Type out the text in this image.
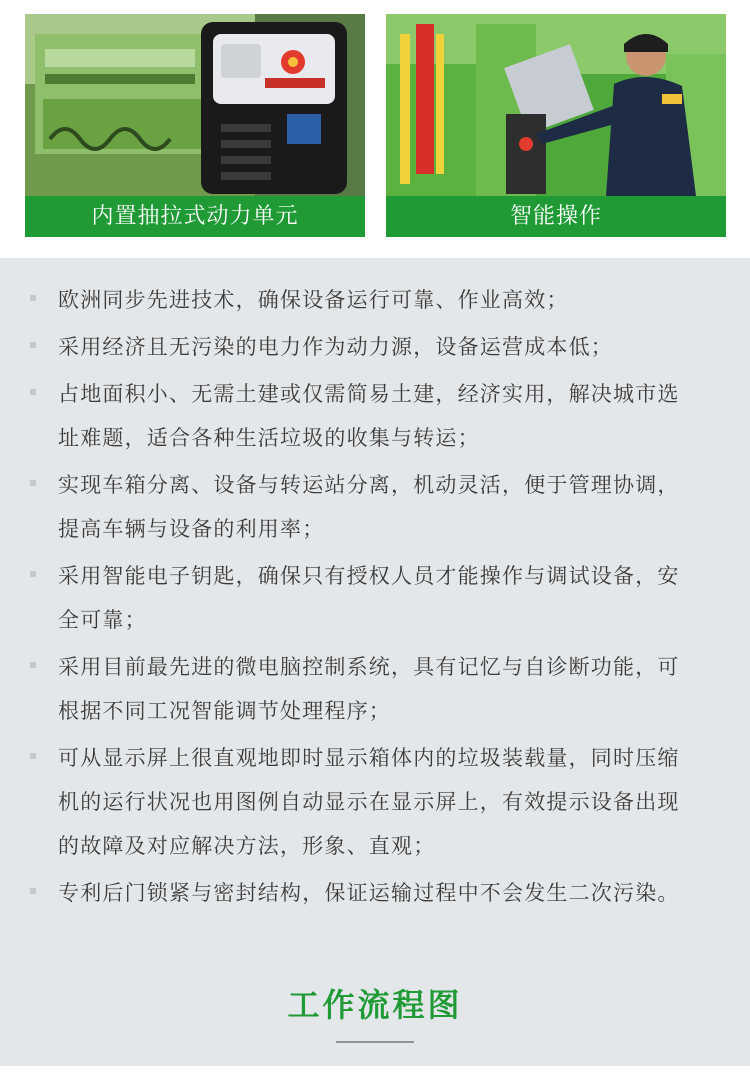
内置抽拉式动力单元	智能操作
欧洲同步先进技术，确保设备运行可靠、作业高效；
采用经济且无污染的电力作为动力源，设备运营成本低；
占地面积小、无需土建或仅需简易土建，经济实用，解决城市选址难题，适合各种生活垃圾的收集与转运；
实现车箱分离、设备与转运站分离，机动灵活，便于管理协调，提高车辆与设备的利用率；
采用智能电子钥匙，确保只有授权人员才能操作与调试设备，安全可靠；
采用目前最先进的微电脑控制系统，具有记忆与自诊断功能，可根据不同工况智能调节处理程序；
可从显示屏上很直观地即时显示箱体内的垃圾装载量，同时压缩机的运行状况也用图例自动显示在显示屏上，有效提示设备出现的故障及对应解决方法，形象、直观；
专利后门锁紧与密封结构，保证运输过程中不会发生二次污染。
工作流程图
